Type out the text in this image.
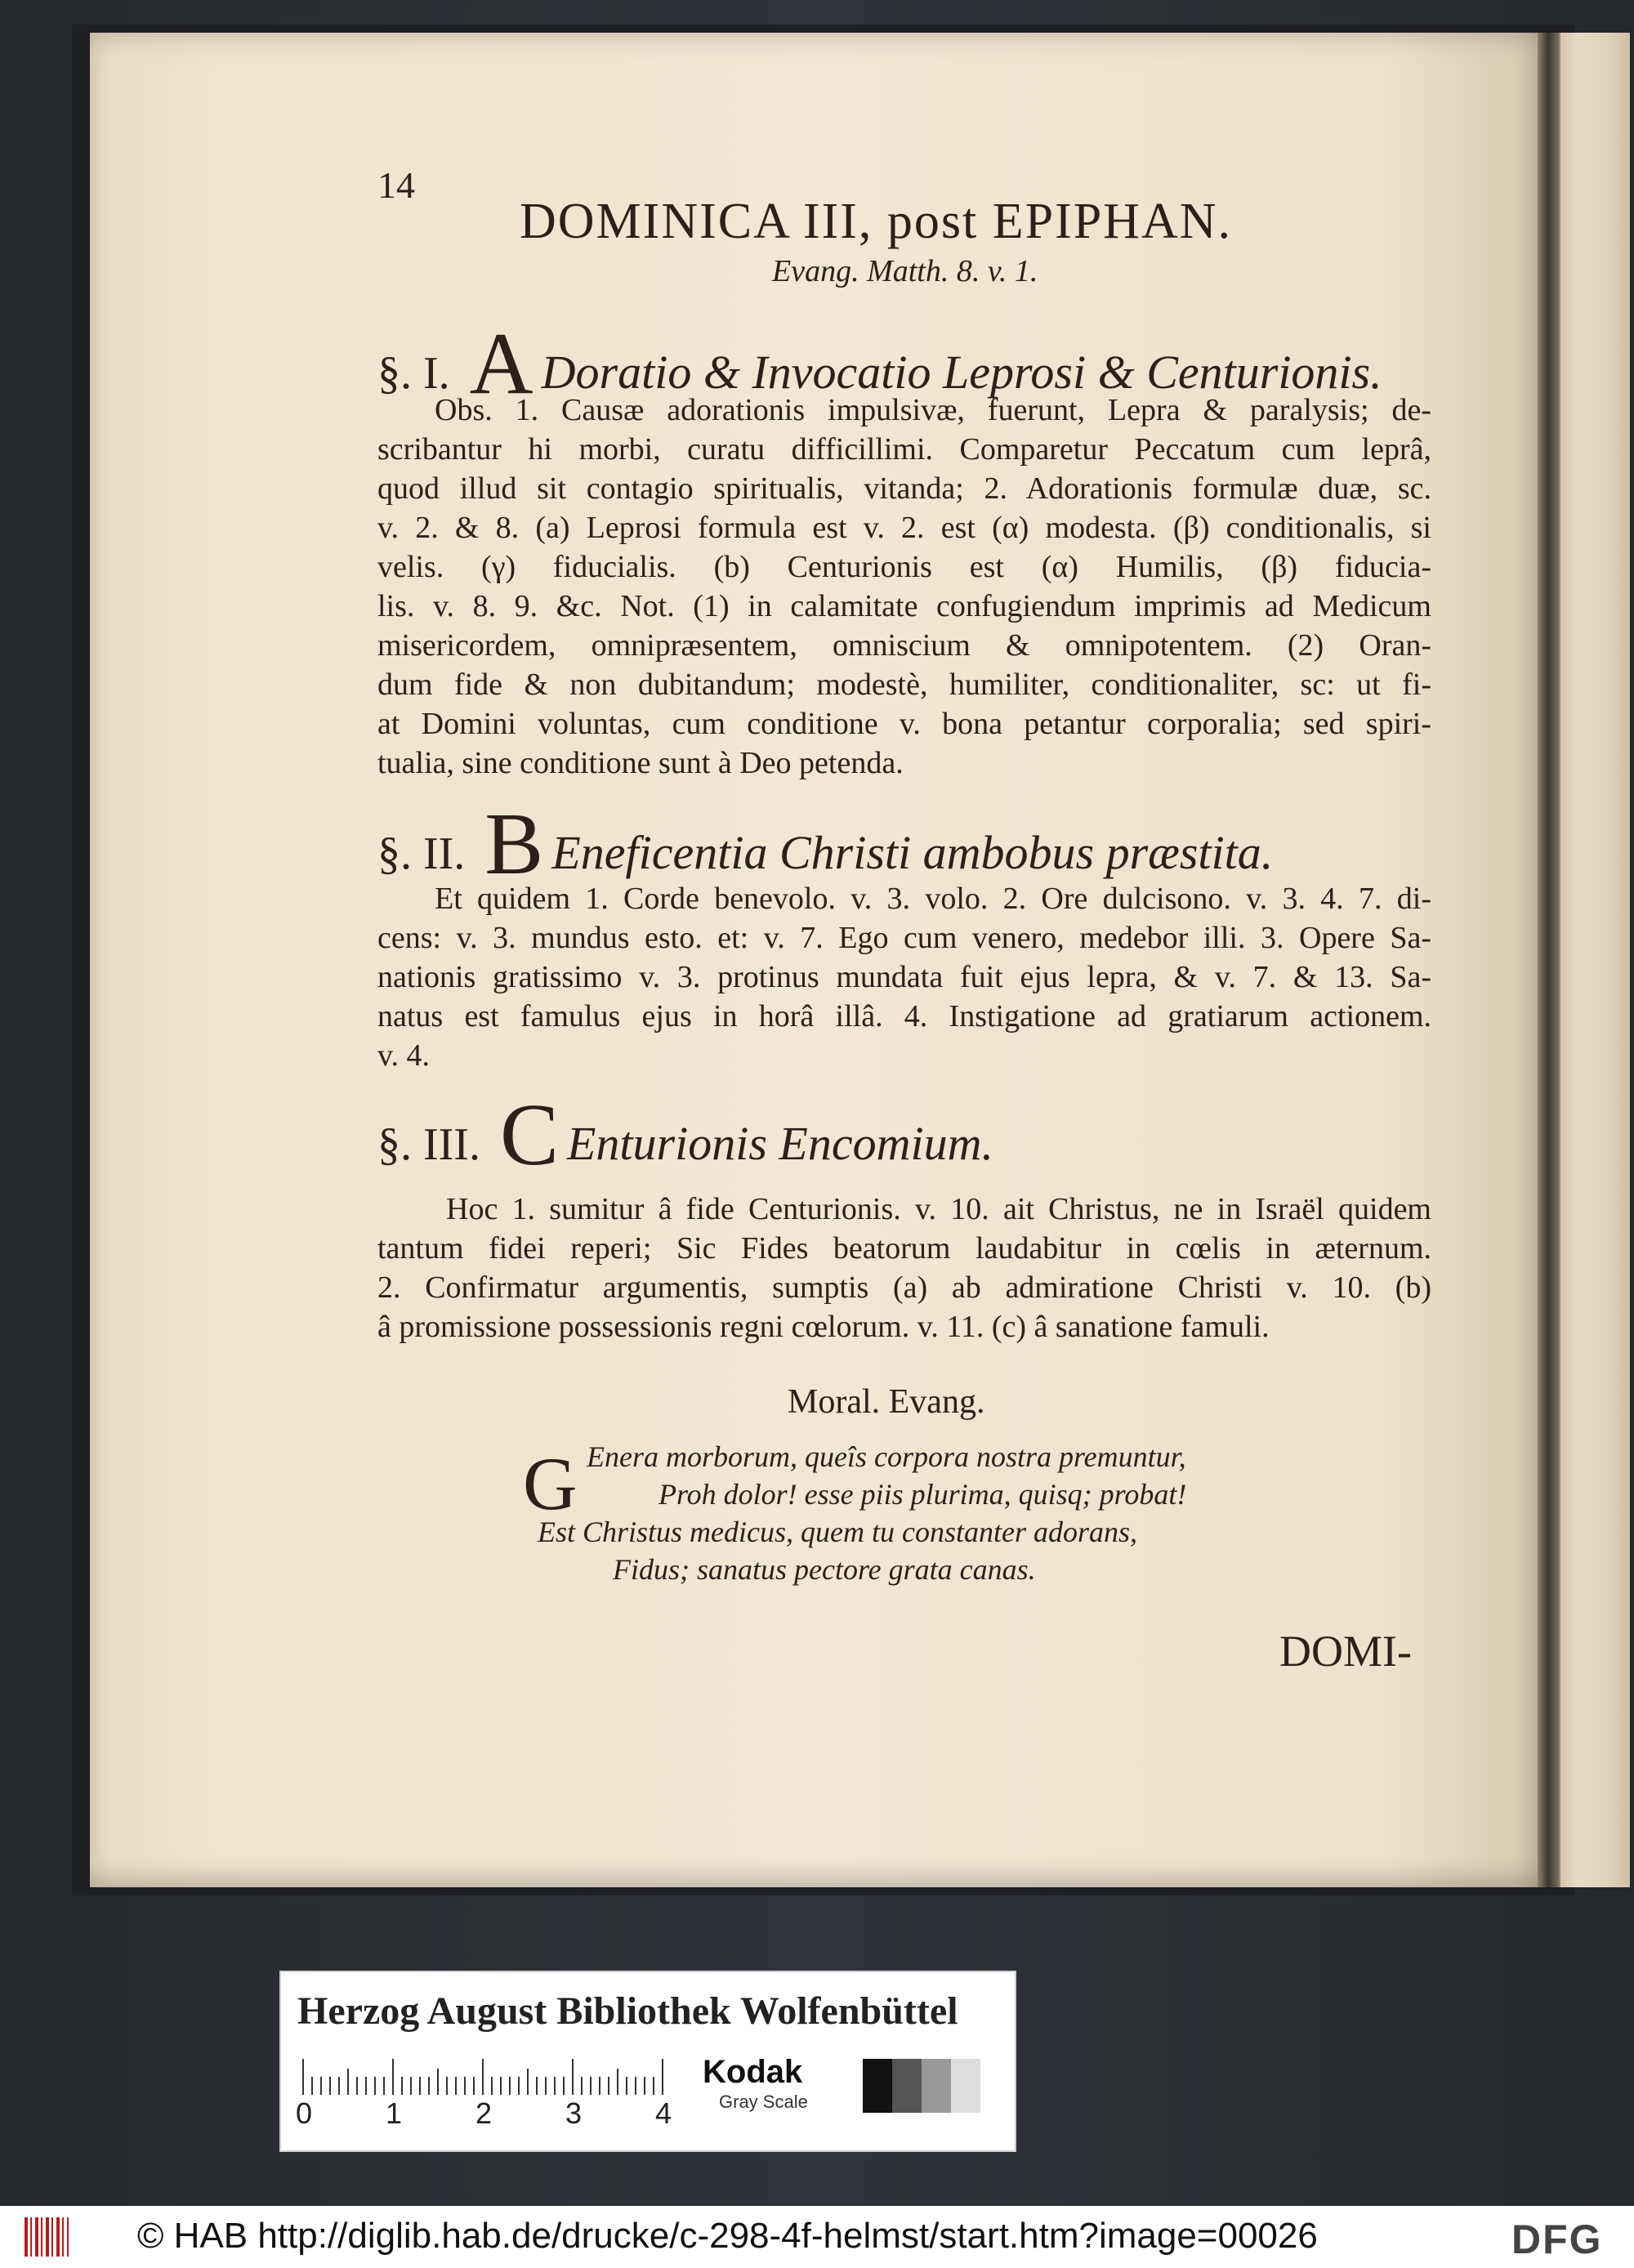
14
DOMINICA III, post EPIPHAN.
Evang. Matth. 8. v. 1.
§. I. A Doratio & Invocatio Leprosi & Centurionis.
Obs. 1. Causæ adorationis impulsivæ, fuerunt, Lepra & paralysis; de-
scribantur hi morbi, curatu difficillimi. Comparetur Peccatum cum leprâ,
quod illud sit contagio spiritualis, vitanda; 2. Adorationis formulæ duæ, sc.
v. 2. & 8. (a) Leprosi formula est v. 2. est (α) modesta. (β) conditionalis, si
velis. (γ) fiducialis. (b) Centurionis est (α) Humilis, (β) fiducia-
lis. v. 8. 9. &c. Not. (1) in calamitate confugiendum imprimis ad Medicum
misericordem, omnipræsentem, omniscium & omnipotentem. (2) Oran-
dum fide & non dubitandum; modestè, humiliter, conditionaliter, sc: ut fi-
at Domini voluntas, cum conditione v. bona petantur corporalia; sed spiri-
tualia, sine conditione sunt à Deo petenda.
§. II. B Eneficentia Christi ambobus præstita.
Et quidem 1. Corde benevolo. v. 3. volo. 2. Ore dulcisono. v. 3. 4. 7. di-
cens: v. 3. mundus esto. et: v. 7. Ego cum venero, medebor illi. 3. Opere Sa-
nationis gratissimo v. 3. protinus mundata fuit ejus lepra, & v. 7. & 13. Sa-
natus est famulus ejus in horâ illâ. 4. Instigatione ad gratiarum actionem.
v. 4.
§. III. C Enturionis Encomium.
Hoc 1. sumitur â fide Centurionis. v. 10. ait Christus, ne in Israël quidem
tantum fidei reperi; Sic Fides beatorum laudabitur in cœlis in æternum.
2. Confirmatur argumentis, sumptis (a) ab admiratione Christi v. 10. (b)
â promissione possessionis regni cœlorum. v. 11. (c) â sanatione famuli.
Moral. Evang.
G Enera morborum, queîs corpora nostra premuntur,
Proh dolor! esse piis plurima, quisq; probat!
Est Christus medicus, quem tu constanter adorans,
Fidus; sanatus pectore grata canas.
DOMI-
Herzog August Bibliothek Wolfenbüttel
0 1 2 3 4
Kodak
Gray Scale
© HAB http://diglib.hab.de/drucke/c-298-4f-helmst/start.htm?image=00026	DFG
